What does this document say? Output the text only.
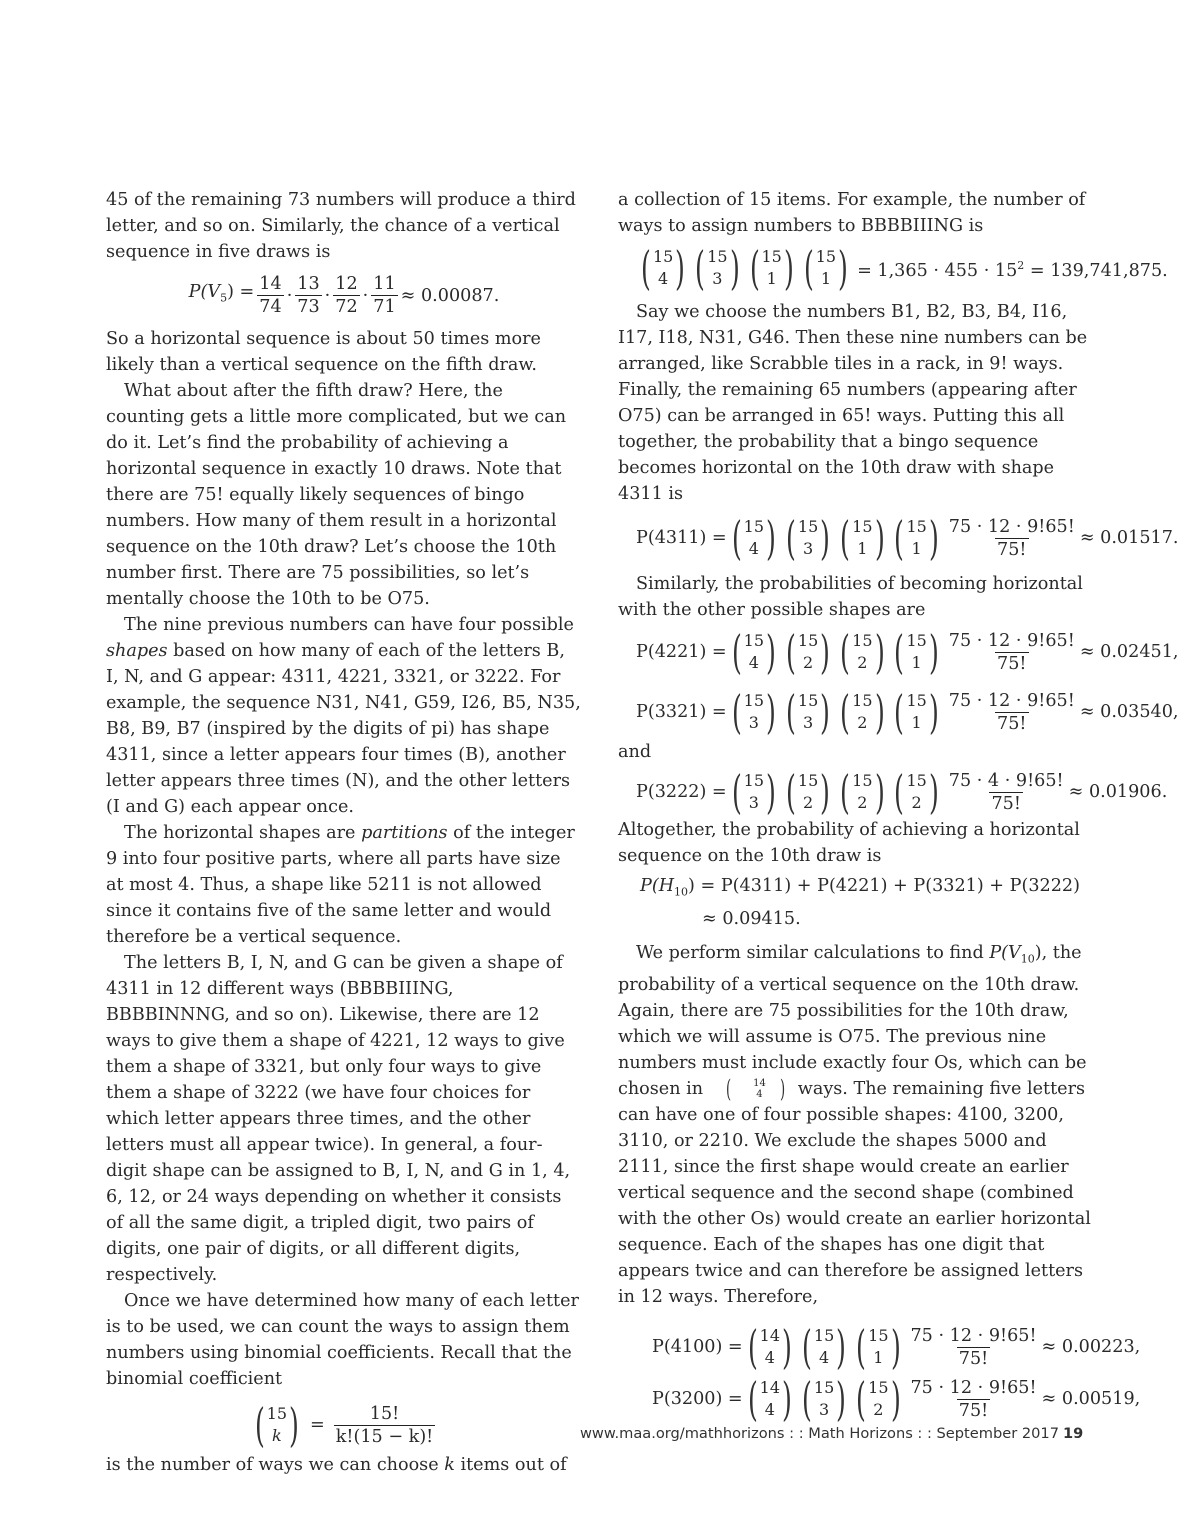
45 of the remaining 73 numbers will produce a third letter, and so on. Similarly, the chance of a vertical sequence in five draws is

$P(V_5) = \frac{14}{74} \cdot \frac{13}{73} \cdot \frac{12}{72} \cdot \frac{11}{71} \approx 0.00087$.

So a horizontal sequence is about 50 times more likely than a vertical sequence on the fifth draw.

What about after the fifth draw? Here, the counting gets a little more complicated, but we can do it. Let’s find the probability of achieving a horizontal sequence in exactly 10 draws. Note that there are 75! equally likely sequences of bingo numbers. How many of them result in a horizontal sequence on the 10th draw? Let’s choose the 10th number first. There are 75 possibilities, so let’s mentally choose the 10th to be O75.

The nine previous numbers can have four possible shapes based on how many of each of the letters B, I, N, and G appear: 4311, 4221, 3321, or 3222. For example, the sequence N31, N41, G59, I26, B5, N35, B8, B9, B7 (inspired by the digits of pi) has shape 4311, since a letter appears four times (B), another letter appears three times (N), and the other letters (I and G) each appear once.

The horizontal shapes are partitions of the integer 9 into four positive parts, where all parts have size at most 4. Thus, a shape like 5211 is not allowed since it contains five of the same letter and would therefore be a vertical sequence.

The letters B, I, N, and G can be given a shape of 4311 in 12 different ways (BBBBIIING, BBBBINNNG, and so on). Likewise, there are 12 ways to give them a shape of 4221, 12 ways to give them a shape of 3321, but only four ways to give them a shape of 3222 (we have four choices for which letter appears three times, and the other letters must all appear twice). In general, a four-digit shape can be assigned to B, I, N, and G in 1, 4, 6, 12, or 24 ways depending on whether it consists of all the same digit, a tripled digit, two pairs of digits, one pair of digits, or all different digits, respectively.

Once we have determined how many of each letter is to be used, we can count the ways to assign them numbers using binomial coefficients. Recall that the binomial coefficient

( 15
k ) = $\frac{15!}{k!(15 - k)!}$

is the number of ways we can choose k items out of

a collection of 15 items. For example, the number of ways to assign numbers to BBBBIIING is

( 15
4 ) ( 15
3 ) ( 15
1 ) ( 15
1 ) = $1,365 \cdot 455 \cdot 15^2 = 139,741,875$.

Say we choose the numbers B1, B2, B3, B4, I16, I17, I18, N31, G46. Then these nine numbers can be arranged, like Scrabble tiles in a rack, in 9! ways. Finally, the remaining 65 numbers (appearing after O75) can be arranged in 65! ways. Putting this all together, the probability that a bingo sequence becomes horizontal on the 10th draw with shape 4311 is

P(4311) = ( 15
4 ) ( 15
3 ) ( 15
1 ) ( 15
1 ) $\frac{75 \cdot 12 \cdot 9!65!}{75!} \approx 0.01517$.

Similarly, the probabilities of becoming horizontal with the other possible shapes are

P(4221) = ( 15
4 ) ( 15
2 ) ( 15
2 ) ( 15
1 ) $\frac{75 \cdot 12 \cdot 9!65!}{75!} \approx 0.02451$,
P(3321) = ( 15
3 ) ( 15
3 ) ( 15
2 ) ( 15
1 ) $\frac{75 \cdot 12 \cdot 9!65!}{75!} \approx 0.03540$,

and

P(3222) = ( 15
3 ) ( 15
2 ) ( 15
2 ) ( 15
2 ) $\frac{75 \cdot 4 \cdot 9!65!}{75!} \approx 0.01906$.

Altogether, the probability of achieving a horizontal sequence on the 10th draw is

$P(H_{10}) = P(4311) + P(4221) + P(3321) + P(3222)$
≈ 0.09415.

We perform similar calculations to find $P(V_{10})$, the probability of a vertical sequence on the 10th draw. Again, there are 75 possibilities for the 10th draw, which we will assume is O75. The previous nine numbers must include exactly four Os, which can be chosen in (	14
4 ) ways. The remaining five letters can have one of four possible shapes: 4100, 3200, 3110, or 2210. We exclude the shapes 5000 and 2111, since the first shape would create an earlier vertical sequence and the second shape (combined with the other Os) would create an earlier horizontal sequence. Each of the shapes has one digit that appears twice and can therefore be assigned letters in 12 ways. Therefore,

P(4100) = ( 14
4 ) ( 15
4 ) ( 15
1 ) $\frac{75 \cdot 12 \cdot 9!65!}{75!} \approx 0.00223$,
P(3200) = ( 14
4 ) ( 15
3 ) ( 15
2 ) $\frac{75 \cdot 12 \cdot 9!65!}{75!} \approx 0.00519$,
www.maa.org/mathhorizons : : Math Horizons : : September 2017 19
